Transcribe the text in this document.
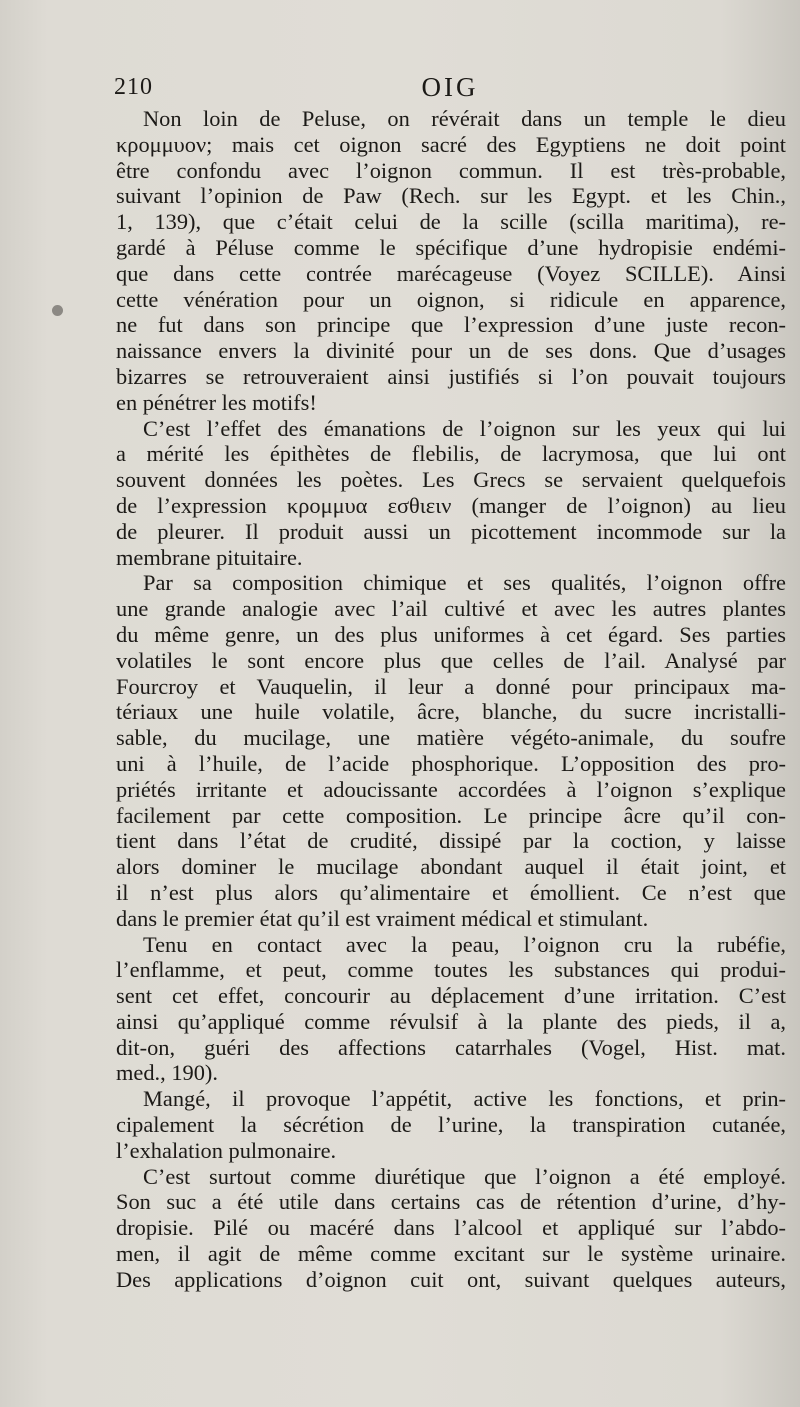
210	OIG
Non loin de Peluse, on révérait dans un temple le dieu
κρομμυον; mais cet oignon sacré des Egyptiens ne doit point
être confondu avec l’oignon commun. Il est très-probable,
suivant l’opinion de Paw (Rech. sur les Egypt. et les Chin.,
1, 139), que c’était celui de la scille (scilla maritima), re-
gardé à Péluse comme le spécifique d’une hydropisie endémi-
que dans cette contrée marécageuse (Voyez SCILLE). Ainsi
cette vénération pour un oignon, si ridicule en apparence,
ne fut dans son principe que l’expression d’une juste recon-
naissance envers la divinité pour un de ses dons. Que d’usages
bizarres se retrouveraient ainsi justifiés si l’on pouvait toujours
en pénétrer les motifs!
C’est l’effet des émanations de l’oignon sur les yeux qui lui
a mérité les épithètes de flebilis, de lacrymosa, que lui ont
souvent données les poètes. Les Grecs se servaient quelquefois
de l’expression κρομμυα εσθιειν (manger de l’oignon) au lieu
de pleurer. Il produit aussi un picottement incommode sur la
membrane pituitaire.
Par sa composition chimique et ses qualités, l’oignon offre
une grande analogie avec l’ail cultivé et avec les autres plantes
du même genre, un des plus uniformes à cet égard. Ses parties
volatiles le sont encore plus que celles de l’ail. Analysé par
Fourcroy et Vauquelin, il leur a donné pour principaux ma-
tériaux une huile volatile, âcre, blanche, du sucre incristalli-
sable, du mucilage, une matière végéto-animale, du soufre
uni à l’huile, de l’acide phosphorique. L’opposition des pro-
priétés irritante et adoucissante accordées à l’oignon s’explique
facilement par cette composition. Le principe âcre qu’il con-
tient dans l’état de crudité, dissipé par la coction, y laisse
alors dominer le mucilage abondant auquel il était joint, et
il n’est plus alors qu’alimentaire et émollient. Ce n’est que
dans le premier état qu’il est vraiment médical et stimulant.
Tenu en contact avec la peau, l’oignon cru la rubéfie,
l’enflamme, et peut, comme toutes les substances qui produi-
sent cet effet, concourir au déplacement d’une irritation. C’est
ainsi qu’appliqué comme révulsif à la plante des pieds, il a,
dit-on, guéri des affections catarrhales (Vogel, Hist. mat.
med., 190).
Mangé, il provoque l’appétit, active les fonctions, et prin-
cipalement la sécrétion de l’urine, la transpiration cutanée,
l’exhalation pulmonaire.
C’est surtout comme diurétique que l’oignon a été employé.
Son suc a été utile dans certains cas de rétention d’urine, d’hy-
dropisie. Pilé ou macéré dans l’alcool et appliqué sur l’abdo-
men, il agit de même comme excitant sur le système urinaire.
Des applications d’oignon cuit ont, suivant quelques auteurs,
